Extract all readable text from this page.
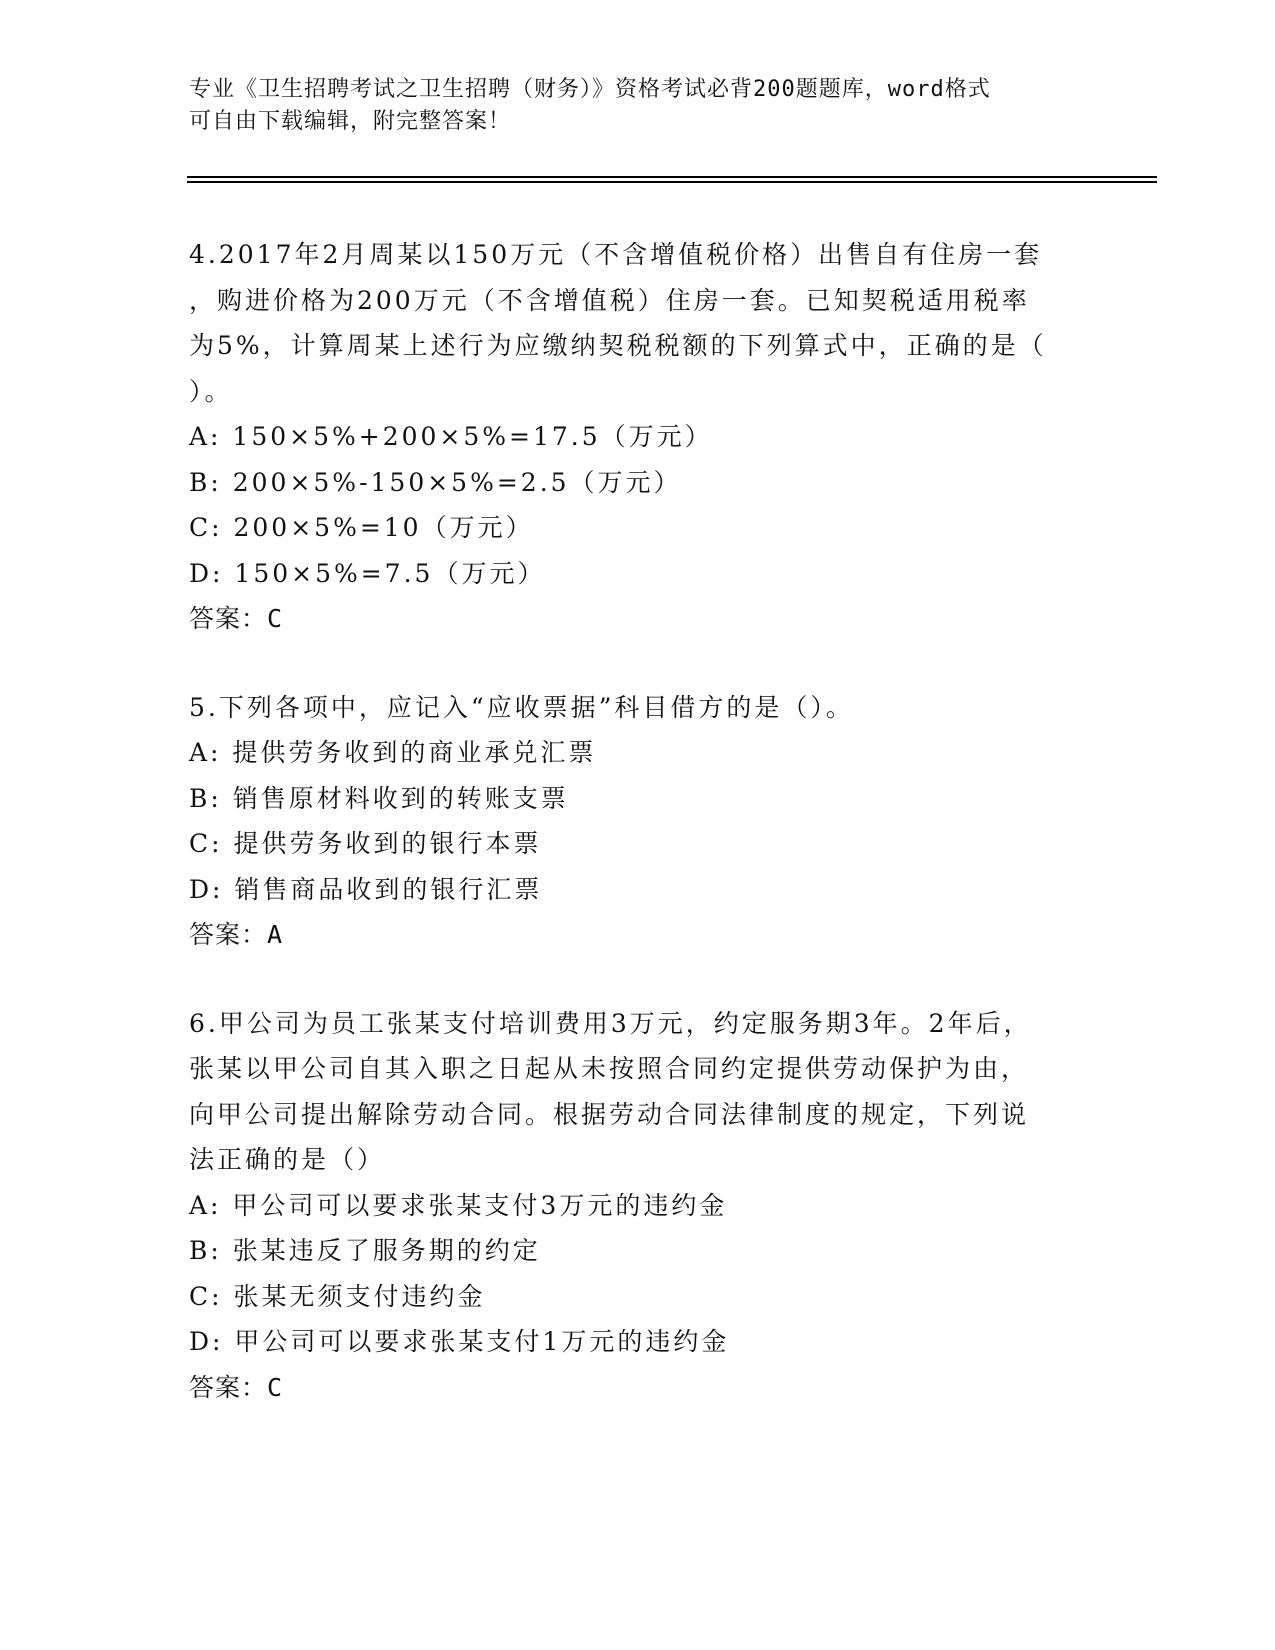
专业《卫生招聘考试之卫生招聘（财务）》资格考试必背200题题库，word格式
可自由下载编辑，附完整答案！
4.2017年2月周某以150万元（不含增值税价格）出售自有住房一套
，购进价格为200万元（不含增值税）住房一套。已知契税适用税率
为5%，计算周某上述行为应缴纳契税税额的下列算式中，正确的是（
）。
A: 150×5%+200×5%=17.5（万元）
B: 200×5%-150×5%=2.5（万元）
C: 200×5%=10（万元）
D: 150×5%=7.5（万元）
答案：C
5.下列各项中，应记入“应收票据”科目借方的是（）。
A: 提供劳务收到的商业承兑汇票
B: 销售原材料收到的转账支票
C: 提供劳务收到的银行本票
D: 销售商品收到的银行汇票
答案：A
6.甲公司为员工张某支付培训费用3万元，约定服务期3年。2年后，
张某以甲公司自其入职之日起从未按照合同约定提供劳动保护为由，
向甲公司提出解除劳动合同。根据劳动合同法律制度的规定，下列说
法正确的是（）
A: 甲公司可以要求张某支付3万元的违约金
B: 张某违反了服务期的约定
C: 张某无须支付违约金
D: 甲公司可以要求张某支付1万元的违约金
答案：C
